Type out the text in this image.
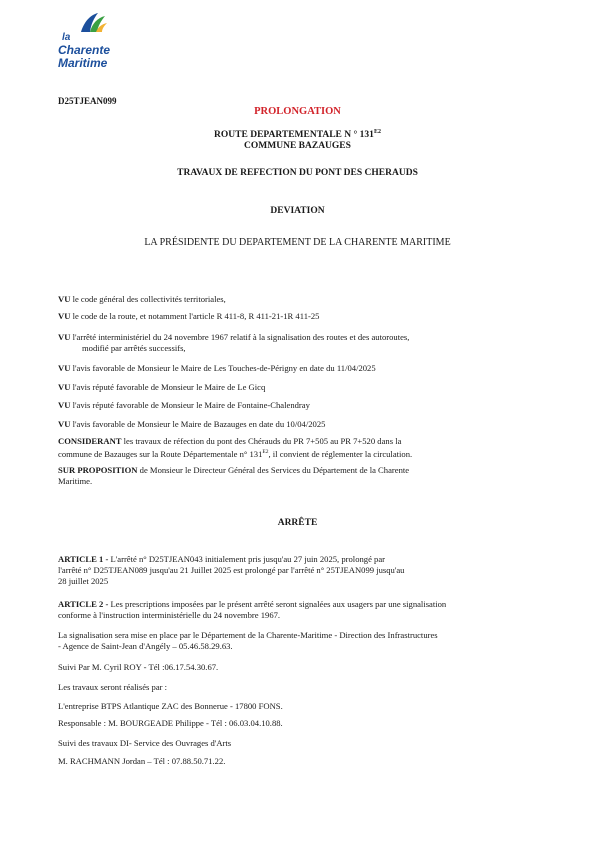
la
Charente
Maritime
D25TJEAN099
PROLONGATION
ROUTE DEPARTEMENTALE N ° $131^{E2}$
COMMUNE BAZAUGES
TRAVAUX DE REFECTION DU PONT DES CHERAUDS
DEVIATION
LA PRÉSIDENTE DU DEPARTEMENT DE LA CHARENTE MARITIME
VU le code général des collectivités territoriales,
VU le code de la route, et notamment l'article R 411-8, R 411-21-1R 411-25
VU l'arrêté interministériel du 24 novembre 1967 relatif à la signalisation des routes et des autoroutes,
modifié par arrêtés successifs,
VU l'avis favorable de Monsieur le Maire de Les Touches-de-Périgny en date du 11/04/2025
VU l'avis réputé favorable de Monsieur le Maire de Le Gicq
VU l'avis réputé favorable de Monsieur le Maire de Fontaine-Chalendray
VU l'avis favorable de Monsieur le Maire de Bazauges en date du 10/04/2025
CONSIDERANT les travaux de réfection du pont des Chérauds du PR 7+505 au PR 7+520 dans la
commune de Bazauges sur la Route Départementale n° $131^{E2}$, il convient de réglementer la circulation.
SUR PROPOSITION de Monsieur le Directeur Général des Services du Département de la Charente
Maritime.
ARRÊTE
ARTICLE 1 - L'arrêté n° D25TJEAN043 initialement pris jusqu'au 27 juin 2025, prolongé par
l'arrêté n° D25TJEAN089 jusqu'au 21 Juillet 2025 est prolongé par l'arrêté n° 25TJEAN099 jusqu'au
28 juillet 2025
ARTICLE 2 - Les prescriptions imposées par le présent arrêté seront signalées aux usagers par une signalisation
conforme à l'instruction interministérielle du 24 novembre 1967.
La signalisation sera mise en place par le Département de la Charente-Maritime - Direction des Infrastructures
- Agence de Saint-Jean d'Angély – 05.46.58.29.63.
Suivi Par M. Cyril ROY - Tél :06.17.54.30.67.
Les travaux seront réalisés par :
L'entreprise BTPS Atlantique ZAC des Bonnerue - 17800 FONS.
Responsable : M. BOURGEADE Philippe - Tél : 06.03.04.10.88.
Suivi des travaux DI- Service des Ouvrages d'Arts
M. RACHMANN Jordan – Tél : 07.88.50.71.22.
